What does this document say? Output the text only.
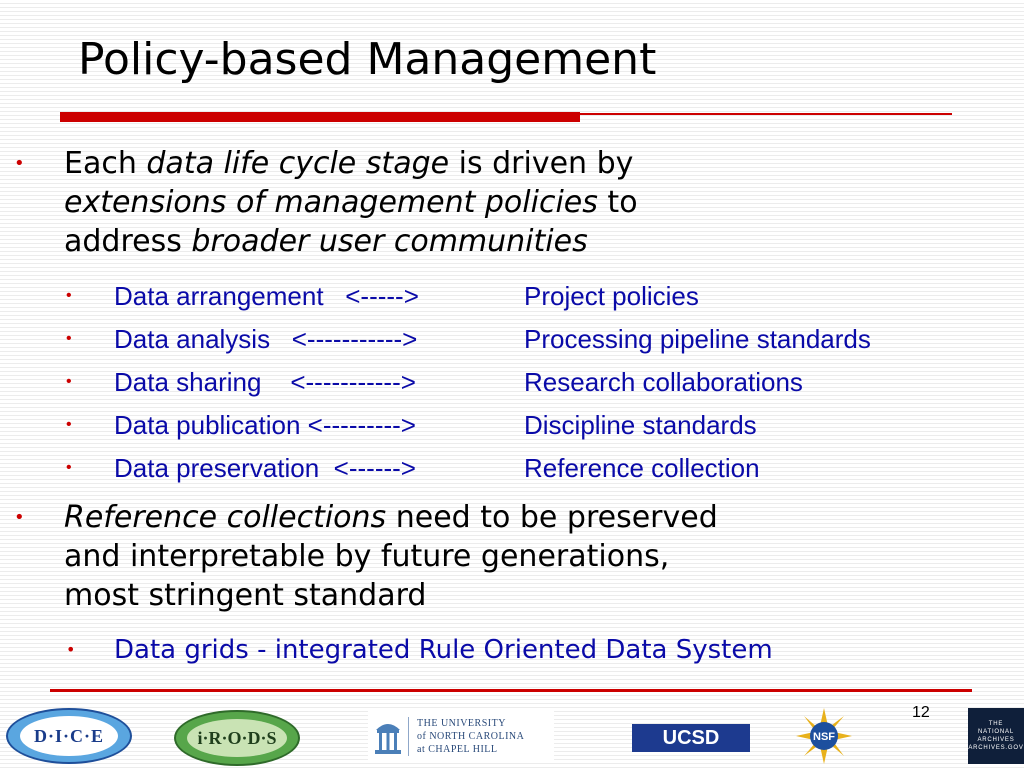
Policy-based Management
• Each data life cycle stage is driven by
extensions of management policies to
address broader user communities
• Data arrangement   <----->	Project policies
• Data analysis   <----------->	Processing pipeline standards
• Data sharing    <----------->	Research collaborations
• Data publication <--------->	Discipline standards
• Data preservation  <------>	Reference collection
• Reference collections need to be preserved
and interpretable by future generations,
most stringent standard
• Data grids - integrated Rule Oriented Data System
12
D·I·C·E	i·R·O·D·S
THE UNIVERSITY
of NORTH CAROLINA
at CHAPEL HILL
UCSD	NSF
THE
NATIONAL
ARCHIVES
ARCHIVES.GOV
